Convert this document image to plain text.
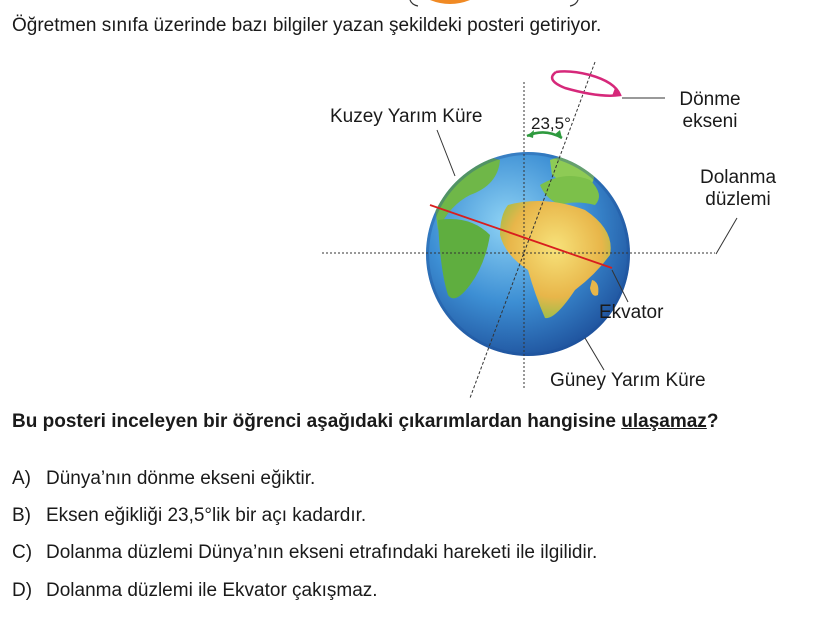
Öğretmen sınıfa üzerinde bazı bilgiler yazan şekildeki posteri getiriyor.
Kuzey Yarım Küre	23,5°
Dönme
ekseni
Dolanma
düzlemi
Ekvator
Güney Yarım Küre
Bu posteri inceleyen bir öğrenci aşağıdaki çıkarımlardan hangisine ulaşamaz?
A) Dünya’nın dönme ekseni eğiktir.
B) Eksen eğikliği 23,5°lik bir açı kadardır.
C) Dolanma düzlemi Dünya’nın ekseni etrafındaki hareketi ile ilgilidir.
D) Dolanma düzlemi ile Ekvator çakışmaz.
